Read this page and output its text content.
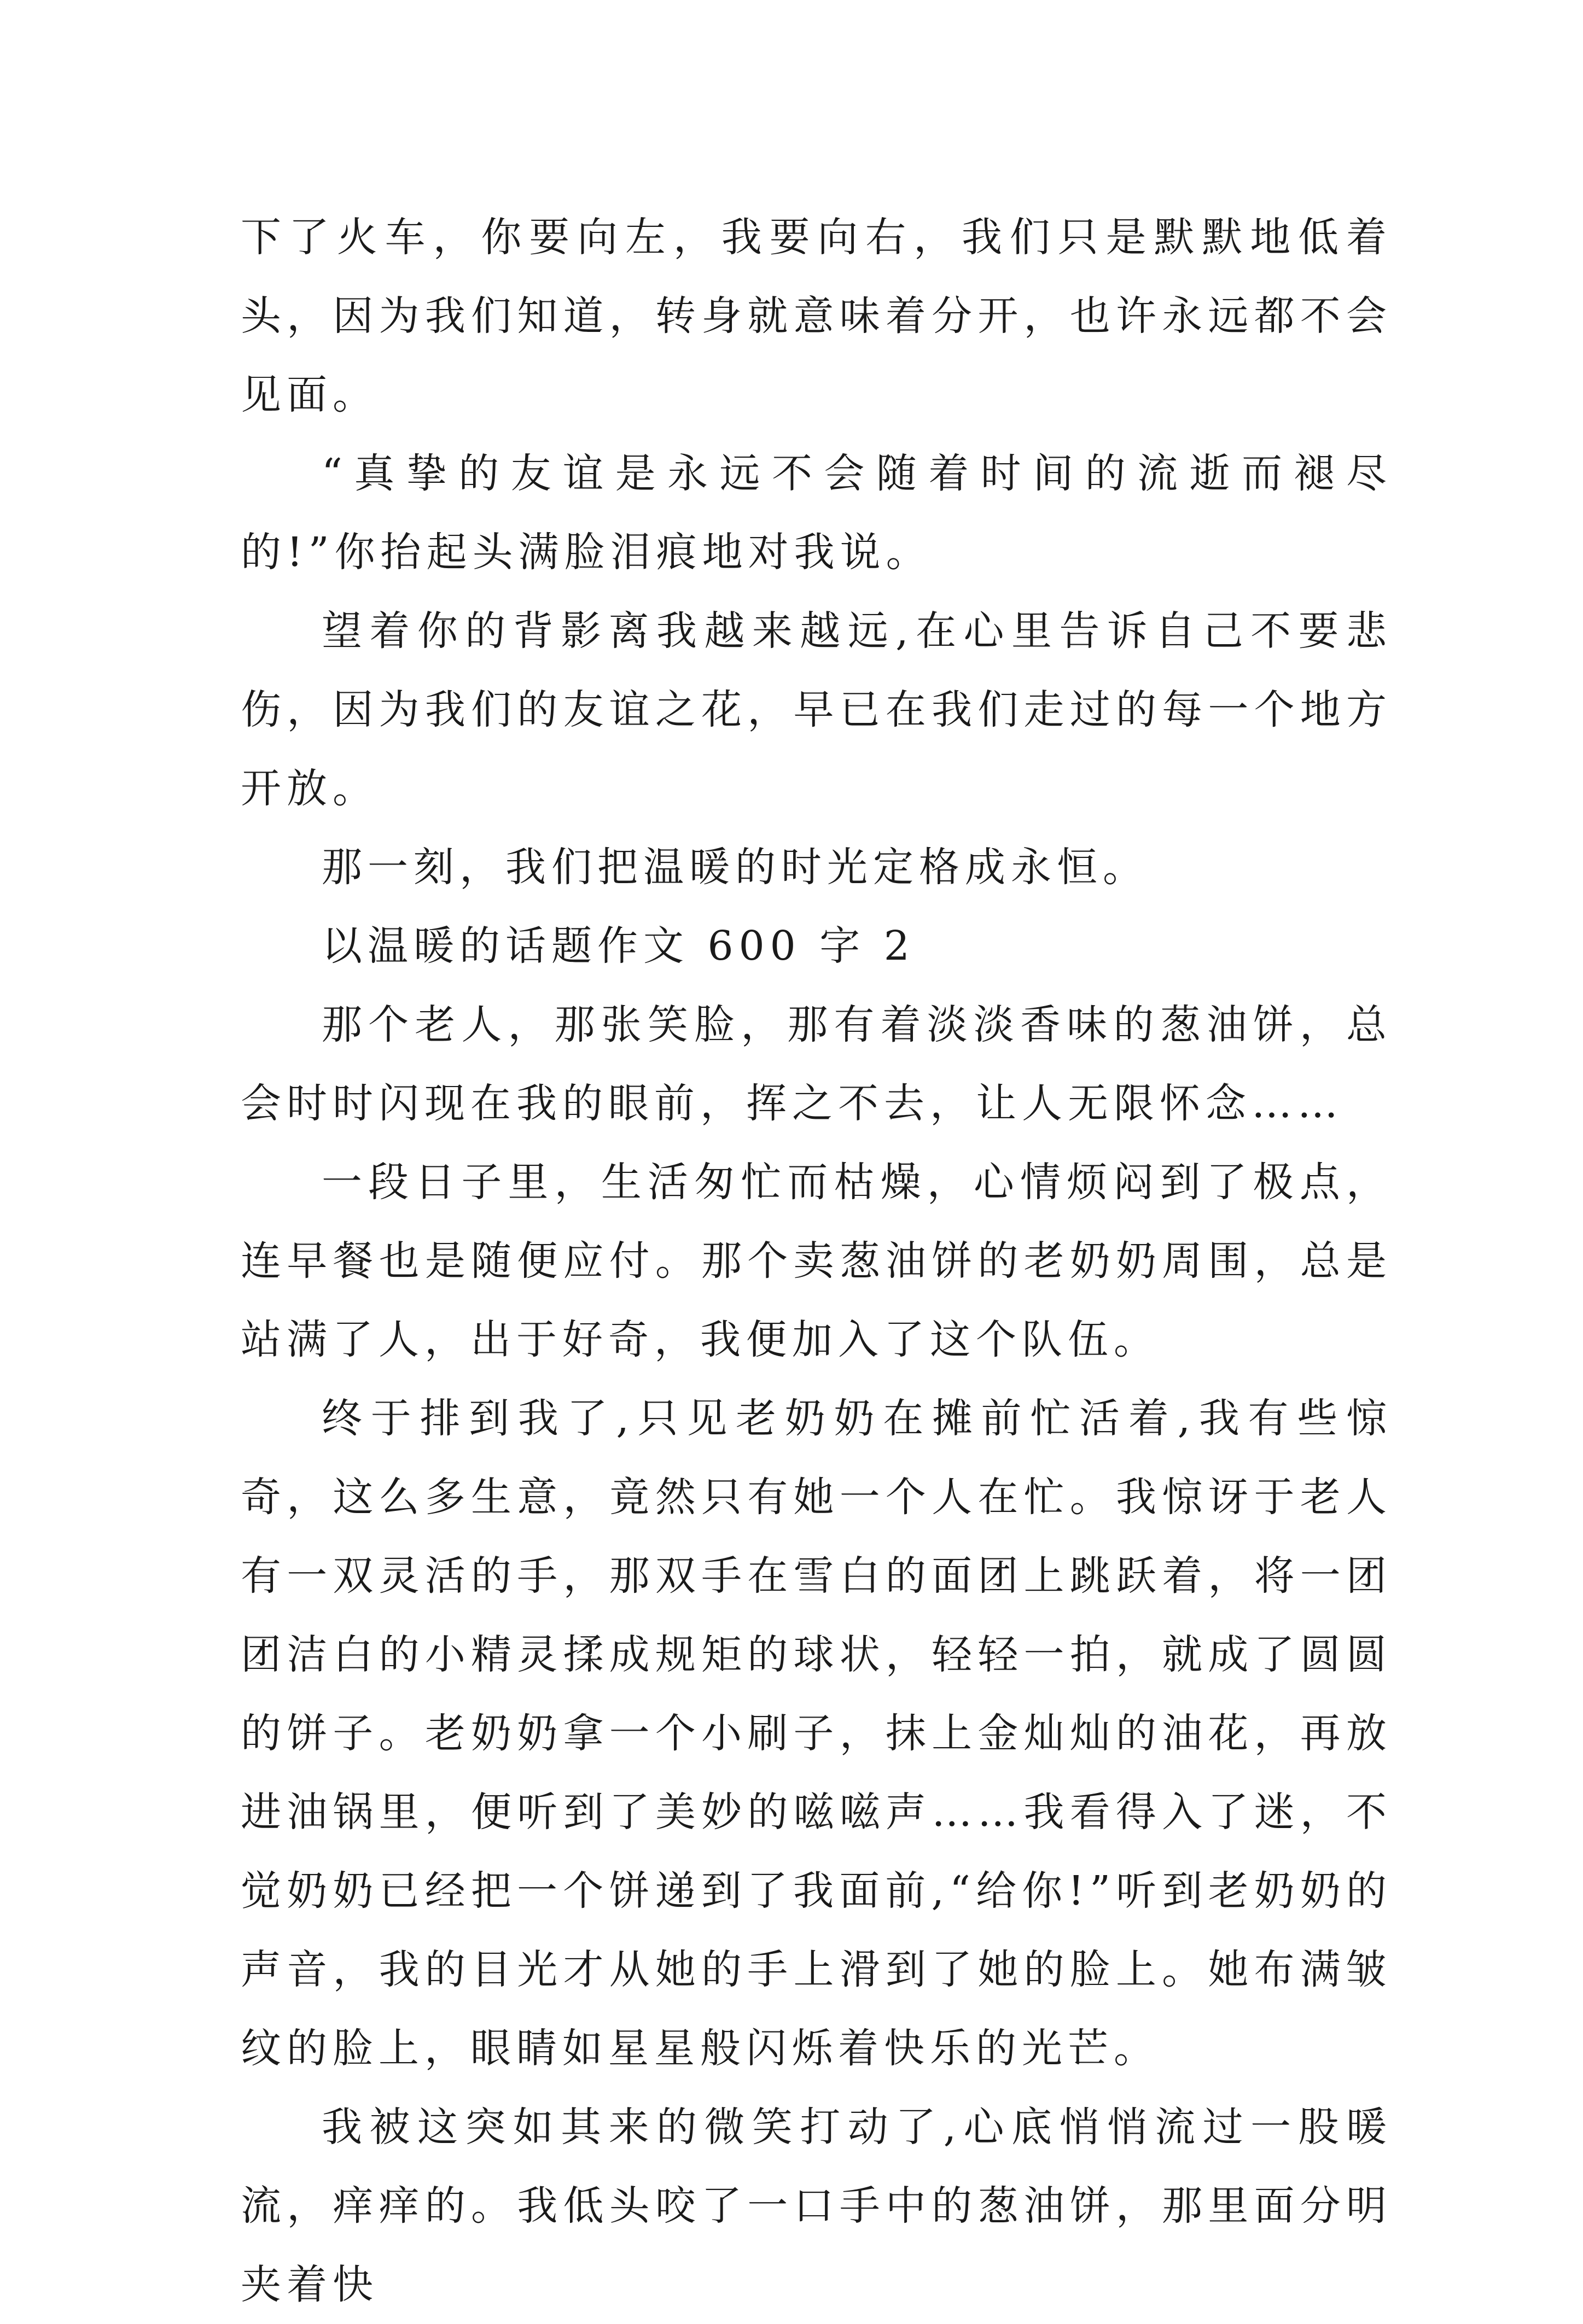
下了火车，你要向左，我要向右，我们只是默默地低着头，因为我们知道，转身就意味着分开，也许永远都不会见面。

“真挚的友谊是永远不会随着时间的流逝而褪尽的!”你抬起头满脸泪痕地对我说。

望着你的背影离我越来越远,在心里告诉自己不要悲伤，因为我们的友谊之花，早已在我们走过的每一个地方开放。

那一刻，我们把温暖的时光定格成永恒。

以温暖的话题作文 600 字 2

那个老人，那张笑脸，那有着淡淡香味的葱油饼，总会时时闪现在我的眼前，挥之不去，让人无限怀念……

一段日子里，生活匆忙而枯燥，心情烦闷到了极点，连早餐也是随便应付。那个卖葱油饼的老奶奶周围，总是站满了人，出于好奇，我便加入了这个队伍。

终于排到我了,只见老奶奶在摊前忙活着,我有些惊奇，这么多生意，竟然只有她一个人在忙。我惊讶于老人有一双灵活的手，那双手在雪白的面团上跳跃着，将一团团洁白的小精灵揉成规矩的球状，轻轻一拍，就成了圆圆的饼子。老奶奶拿一个小刷子，抹上金灿灿的油花，再放进油锅里，便听到了美妙的嗞嗞声……我看得入了迷，不觉奶奶已经把一个饼递到了我面前,“给你!”听到老奶奶的声音，我的目光才从她的手上滑到了她的脸上。她布满皱纹的脸上，眼睛如星星般闪烁着快乐的光芒。

我被这突如其来的微笑打动了,心底悄悄流过一股暖流，痒痒的。我低头咬了一口手中的葱油饼，那里面分明夹着快
